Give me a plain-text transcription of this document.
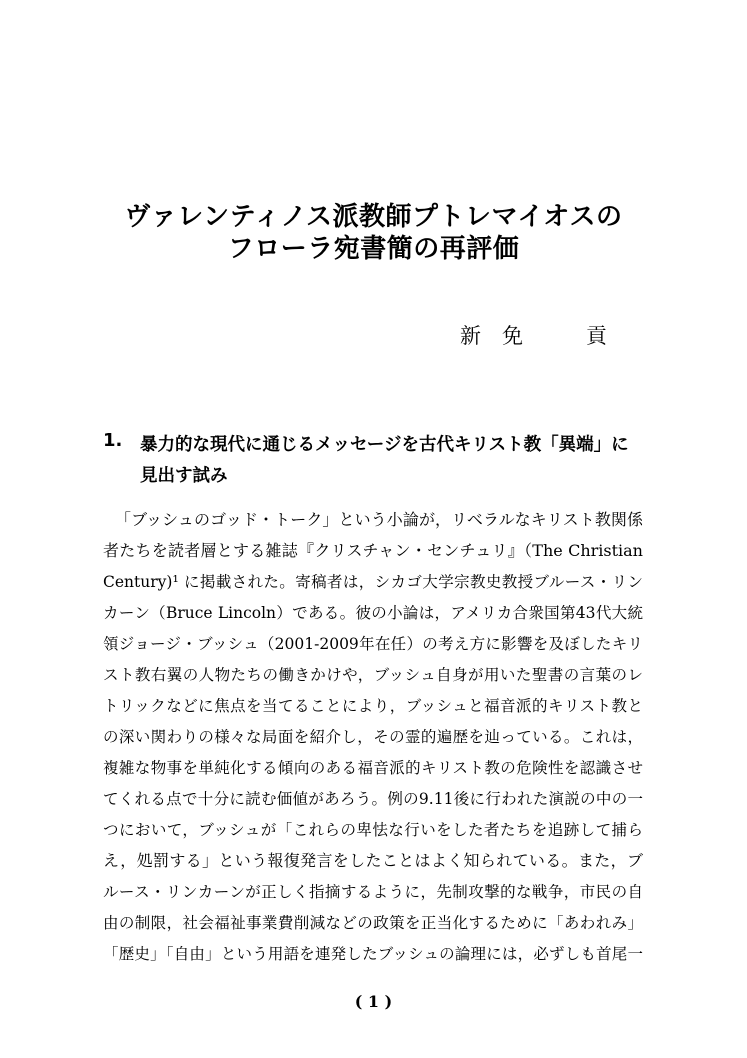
ヴァレンティノス派教師プトレマイオスの
フローラ宛書簡の再評価
新　免　　　貢
1. 暴力的な現代に通じるメッセージを古代キリスト教「異端」に
見出す試み
「ブッシュのゴッド・トーク」という小論が，リベラルなキリスト教関係
者たちを読者層とする雑誌『クリスチャン・センチュリ』（The Christian
Century)¹ に掲載された。寄稿者は，シカゴ大学宗教史教授ブルース・リン
カーン（Bruce Lincoln）である。彼の小論は，アメリカ合衆国第43代大統
領ジョージ・ブッシュ（2001-2009年在任）の考え方に影響を及ぼしたキリ
スト教右翼の人物たちの働きかけや，ブッシュ自身が用いた聖書の言葉のレ
トリックなどに焦点を当てることにより，ブッシュと福音派的キリスト教と
の深い関わりの様々な局面を紹介し，その霊的遍歴を辿っている。これは，
複雑な物事を単純化する傾向のある福音派的キリスト教の危険性を認識させ
てくれる点で十分に読む価値があろう。例の9.11後に行われた演説の中の一
つにおいて，ブッシュが「これらの卑怯な行いをした者たちを追跡して捕ら
え，処罰する」という報復発言をしたことはよく知られている。また，ブ
ルース・リンカーンが正しく指摘するように，先制攻撃的な戦争，市民の自
由の制限，社会福祉事業費削減などの政策を正当化するために「あわれみ」
「歴史」「自由」という用語を連発したブッシュの論理には，必ずしも首尾一
( 1 )
